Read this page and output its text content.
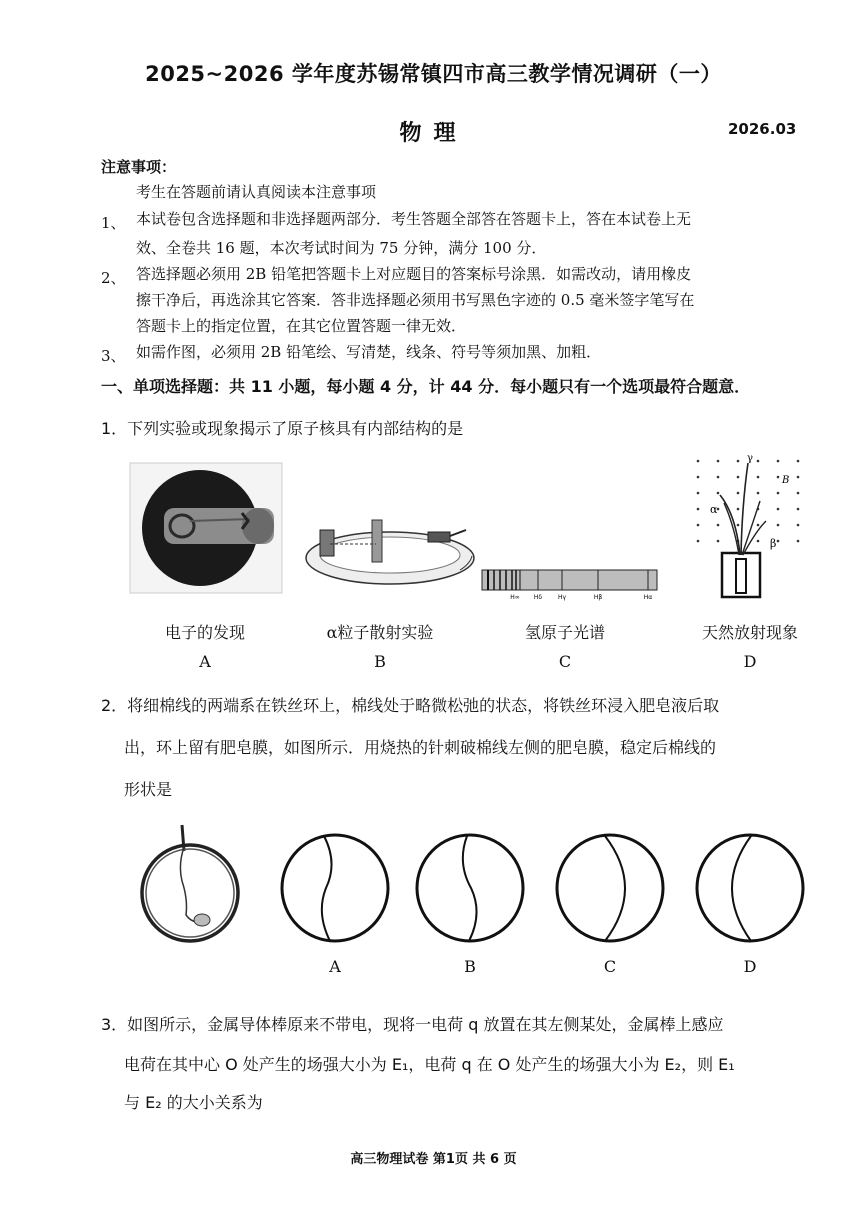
2025~2026 学年度苏锡常镇四市高三教学情况调研（一）
物理	2026.03
注意事项：
考生在答题前请认真阅读本注意事项
1、 本试卷包含选择题和非选择题两部分．考生答题全部答在答题卡上，答在本试卷上无
效、全卷共 16 题，本次考试时间为 75 分钟，满分 100 分．
2、 答选择题必须用 2B 铅笔把答题卡上对应题目的答案标号涂黑．如需改动，请用橡皮
擦干净后，再选涂其它答案．答非选择题必须用书写黑色字迹的 0.5 毫米签字笔写在
答题卡上的指定位置，在其它位置答题一律无效．
3、 如需作图，必须用 2B 铅笔绘、写清楚，线条、符号等须加黑、加粗．
一、单项选择题：共 11 小题，每小题 4 分，计 44 分．每小题只有一个选项最符合题意．
1．下列实验或现象揭示了原子核具有内部结构的是
H∞ Hδ	Hγ	Hβ	Hα
γ
B
α
β
电子的发现	α粒子散射实验	氢原子光谱	天然放射现象
A	B	C	D
2．将细棉线的两端系在铁丝环上，棉线处于略微松弛的状态，将铁丝环浸入肥皂液后取
出，环上留有肥皂膜，如图所示．用烧热的针刺破棉线左侧的肥皂膜，稳定后棉线的
形状是
A	B	C	D
3．如图所示，金属导体棒原来不带电，现将一电荷 q 放置在其左侧某处，金属棒上感应
电荷在其中心 O 处产生的场强大小为 E₁，电荷 q 在 O 处产生的场强大小为 E₂，则 E₁
与 E₂ 的大小关系为
高三物理试卷 第1页 共 6 页
